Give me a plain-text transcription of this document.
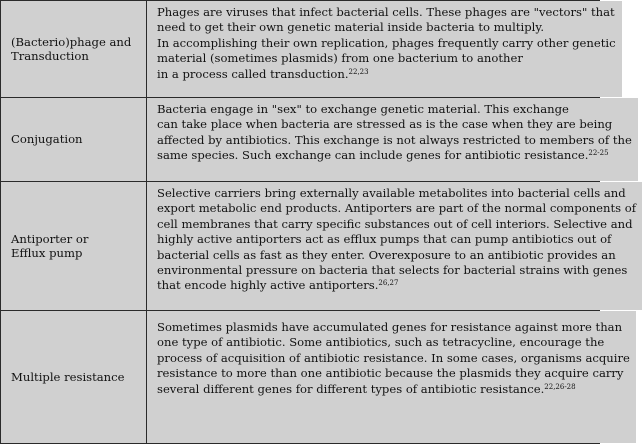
(Bacterio)phage and
Transduction
Phages are viruses that infect bacterial cells. These phages are "vectors" that
need to get their own genetic material inside bacteria to multiply.
In accomplishing their own replication, phages frequently carry other genetic
material (sometimes plasmids) from one bacterium to another
in a process called transduction.$^{22,23}$
Conjugation
Bacteria engage in "sex" to exchange genetic material. This exchange
can take place when bacteria are stressed as is the case when they are being
affected by antibiotics. This exchange is not always restricted to members of the
same species. Such exchange can include genes for antibiotic resistance.$^{22-25}$
Antiporter or
Efflux pump
Selective carriers bring externally available metabolites into bacterial cells and
export metabolic end products. Antiporters are part of the normal components of
cell membranes that carry specific substances out of cell interiors. Selective and
highly active antiporters act as efflux pumps that can pump antibiotics out of
bacterial cells as fast as they enter. Overexposure to an antibiotic provides an
environmental pressure on bacteria that selects for bacterial strains with genes
that encode highly active antiporters.$^{26,27}$
Multiple resistance
Sometimes plasmids have accumulated genes for resistance against more than
one type of antibiotic. Some antibiotics, such as tetracycline, encourage the
process of acquisition of antibiotic resistance. In some cases, organisms acquire
resistance to more than one antibiotic because the plasmids they acquire carry
several different genes for different types of antibiotic resistance.$^{22,26-28}$
